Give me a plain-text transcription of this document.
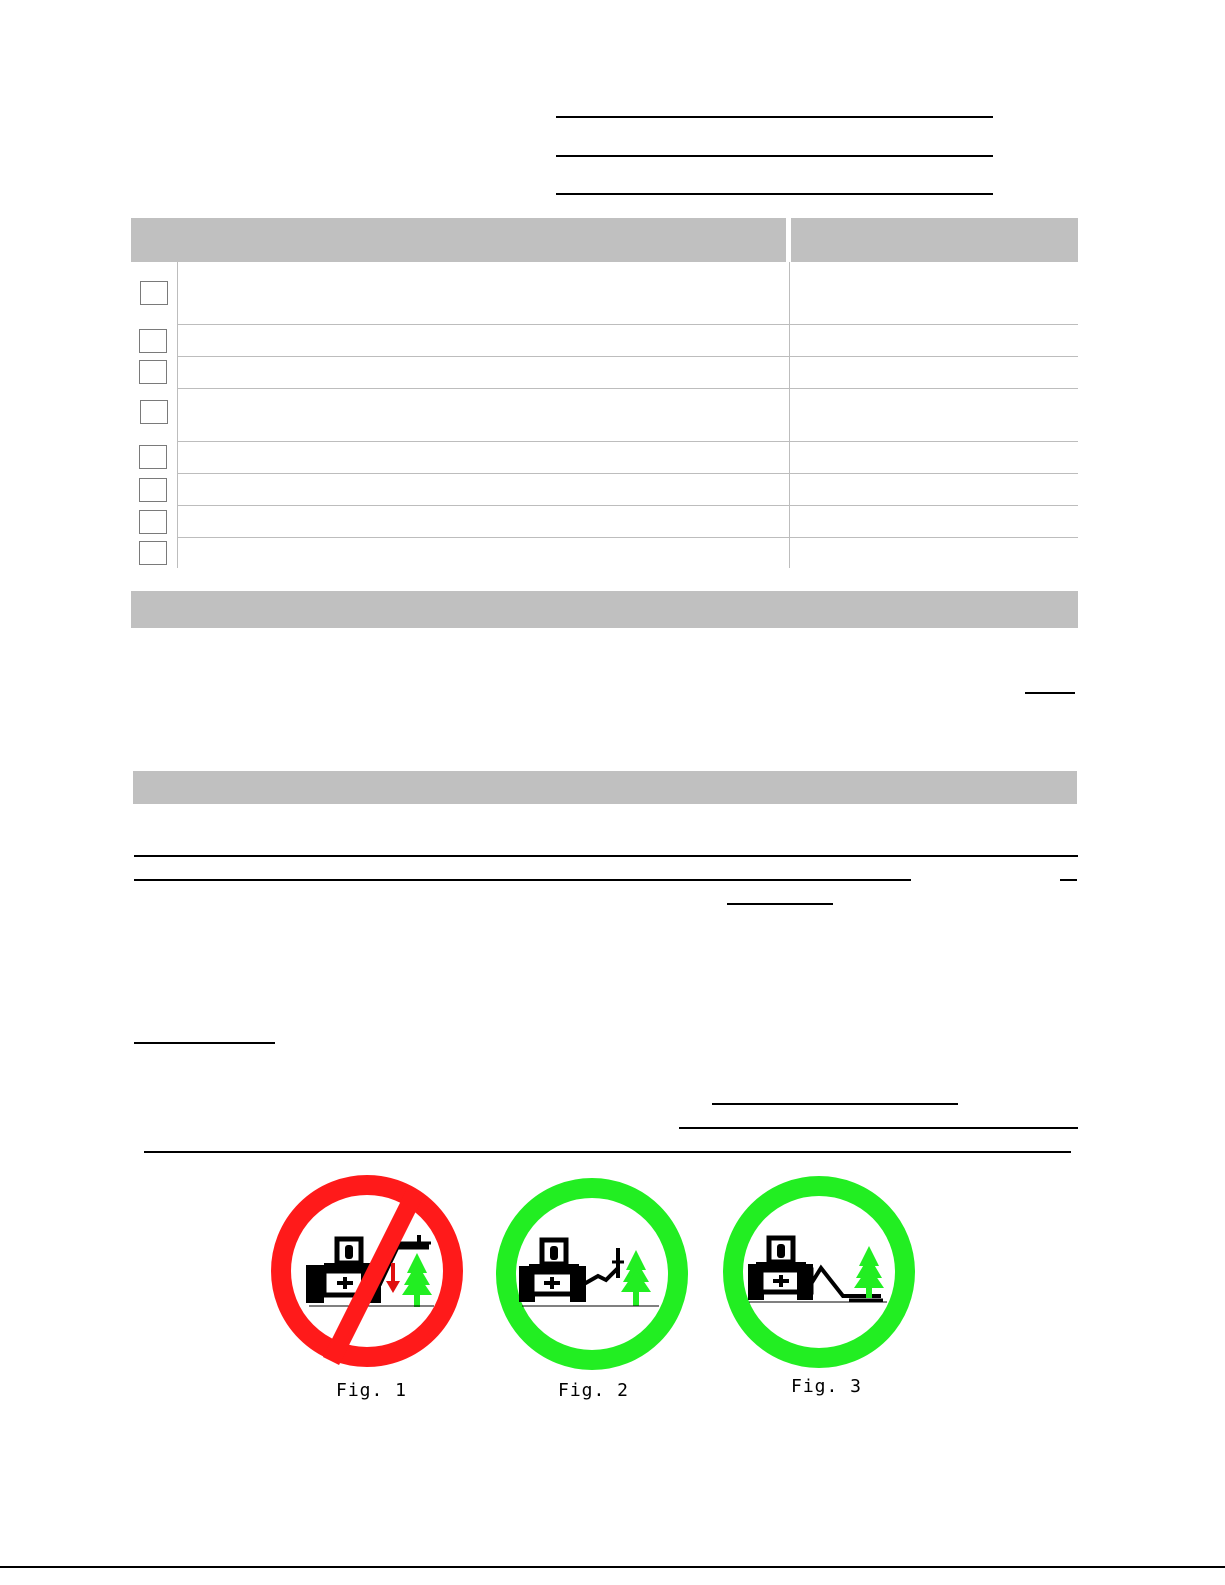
Fig. 1	Fig. 2	Fig. 3
